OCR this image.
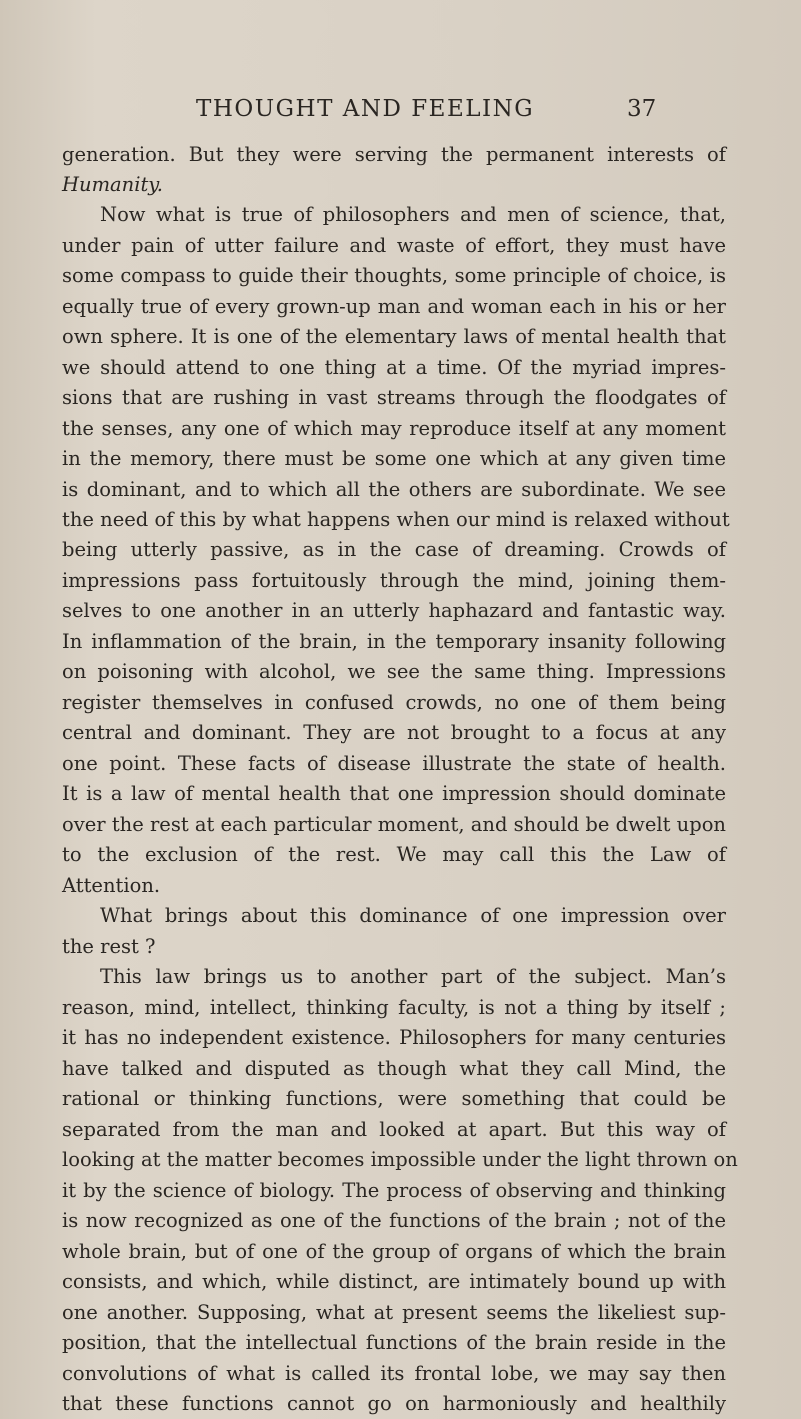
THOUGHT AND FEELING	37
generation. But they were serving the permanent interests of
Humanity.
Now what is true of philosophers and men of science, that,
under pain of utter failure and waste of effort, they must have
some compass to guide their thoughts, some principle of choice, is
equally true of every grown-up man and woman each in his or her
own sphere. It is one of the elementary laws of mental health that
we should attend to one thing at a time. Of the myriad impres-
sions that are rushing in vast streams through the floodgates of
the senses, any one of which may reproduce itself at any moment
in the memory, there must be some one which at any given time
is dominant, and to which all the others are subordinate. We see
the need of this by what happens when our mind is relaxed without
being utterly passive, as in the case of dreaming. Crowds of
impressions pass fortuitously through the mind, joining them-
selves to one another in an utterly haphazard and fantastic way.
In inflammation of the brain, in the temporary insanity following
on poisoning with alcohol, we see the same thing. Impressions
register themselves in confused crowds, no one of them being
central and dominant. They are not brought to a focus at any
one point. These facts of disease illustrate the state of health.
It is a law of mental health that one impression should dominate
over the rest at each particular moment, and should be dwelt upon
to the exclusion of the rest. We may call this the Law of
Attention.
What brings about this dominance of one impression over
the rest ?
This law brings us to another part of the subject. Man’s
reason, mind, intellect, thinking faculty, is not a thing by itself ;
it has no independent existence. Philosophers for many centuries
have talked and disputed as though what they call Mind, the
rational or thinking functions, were something that could be
separated from the man and looked at apart. But this way of
looking at the matter becomes impossible under the light thrown on
it by the science of biology. The process of observing and thinking
is now recognized as one of the functions of the brain ; not of the
whole brain, but of one of the group of organs of which the brain
consists, and which, while distinct, are intimately bound up with
one another. Supposing, what at present seems the likeliest sup-
position, that the intellectual functions of the brain reside in the
convolutions of what is called its frontal lobe, we may say then
that these functions cannot go on harmoniously and healthily
